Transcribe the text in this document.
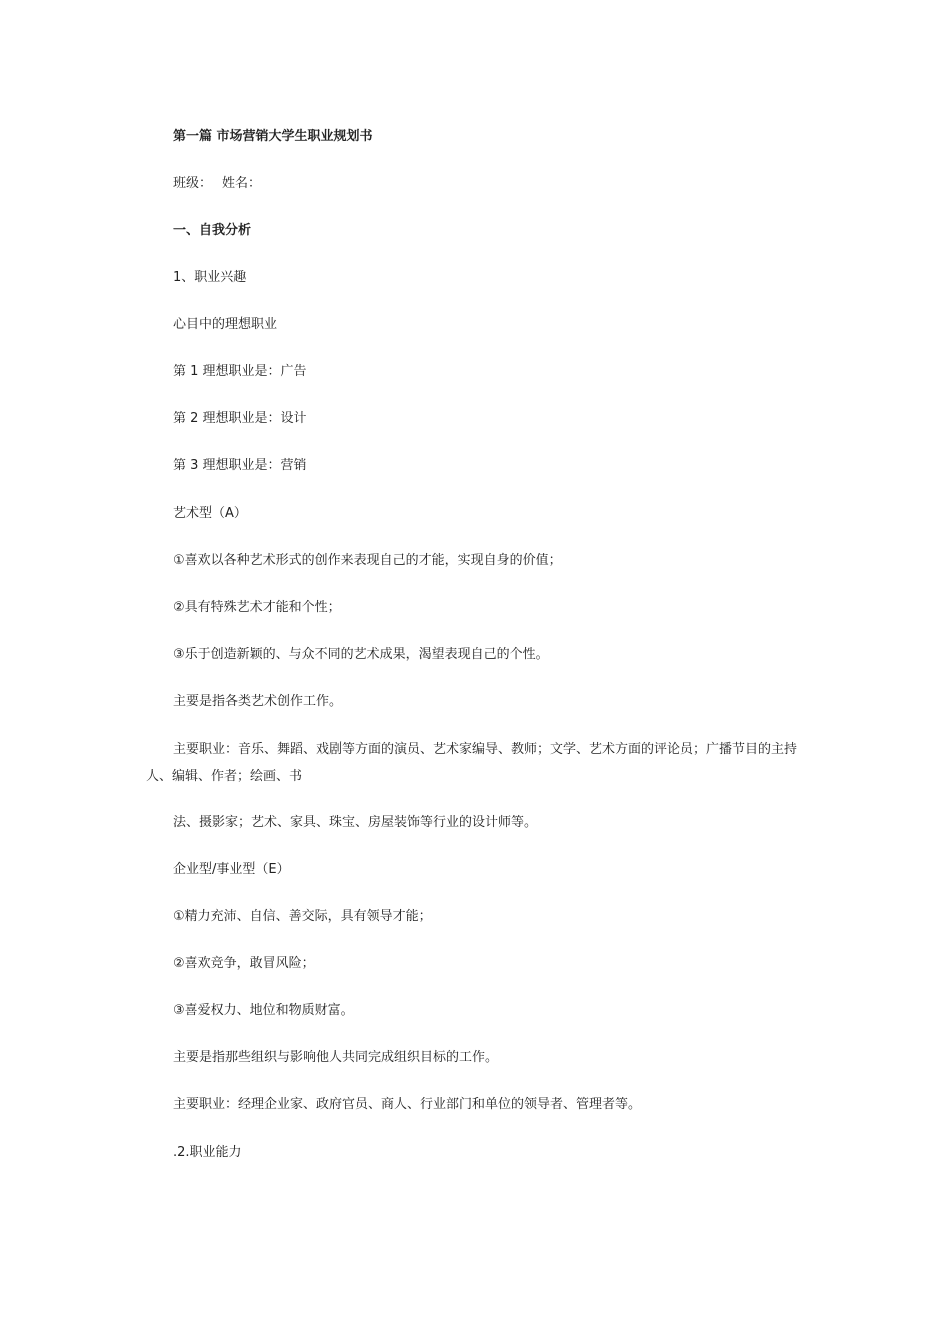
第一篇 市场营销大学生职业规划书
班级： 姓名：
一、自我分析
1、职业兴趣
心目中的理想职业
第 1 理想职业是：广告
第 2 理想职业是：设计
第 3 理想职业是：营销
艺术型（A）
①喜欢以各种艺术形式的创作来表现自己的才能，实现自身的价值；
②具有特殊艺术才能和个性；
③乐于创造新颖的、与众不同的艺术成果，渴望表现自己的个性。
主要是指各类艺术创作工作。
主要职业：音乐、舞蹈、戏剧等方面的演员、艺术家编导、教师；文学、艺术方面的评论员；广播节目的主持人、编辑、作者；绘画、书
法、摄影家；艺术、家具、珠宝、房屋装饰等行业的设计师等。
企业型/事业型（E）
①精力充沛、自信、善交际，具有领导才能；
②喜欢竞争，敢冒风险；
③喜爱权力、地位和物质财富。
主要是指那些组织与影响他人共同完成组织目标的工作。
主要职业：经理企业家、政府官员、商人、行业部门和单位的领导者、管理者等。
.2.职业能力
